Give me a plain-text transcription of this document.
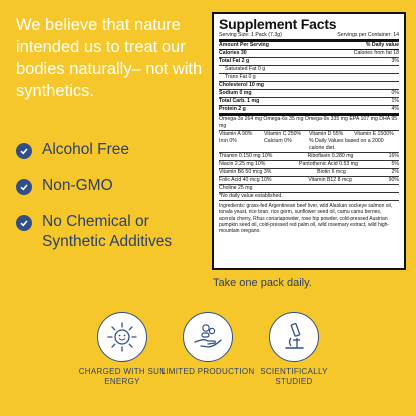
We believe that nature intended us to treat our bodies naturally– not with synthetics.
Alcohol Free
Non-GMO
No Chemical or Synthetic Additives
Supplement Facts
Serving Size: 1 Pack (7.3g)	Servings per Container: 14
Amount Per Serving	% Daily value
Calories 30	Calories from fat 18
Total Fat 2 g	3%
Saturated Fat 0 g
Trans Fat 0 g
Cholesterol 10 mg
Sodium 0 mg	0%
Total Carb. 1 mg	1%
Protein 2 g	4%
Omega-3s 264 mg Omega-6s 35 mg Omega-9s 335 mg EPA 107 mg DHA 95 mg
Vitamin A 90%	Vitamin C 250%	Vitamin D 55%	Vitamin E 1500%
Iron 0%	Calcium 0%	% Daily Values based on a 2000 calorie diet.
Thiamin 0.150 mg 10%	Riboflavin 0.280 mg	16%
Niacin 2.25 mg 10%	Pantothenic Acid 0.53 mg	5%
Vitamin B6 50 mcg 3%	Biotin 6 mcg	2%
Folic Acid 40 mcg 10%	Vitamin B12 8 mcg	90%
Choline 25 mg
*No daily value established.
Ingredients: grass-fed Argentinean beef liver, wild Alaskan sockeye salmon oil, tonala yeast, rice bran, rice germ, sunflower seed oil, camu camu berries, acerola cherry, Rhus coriariapowder, rose hip powder, cold-pressed Austrian pumpkin seed oil, cold-pressed red palm oil, wild rosemary extract, wild high-mountain oregano.
Take one pack daily.
CHARGED WITH SUN ENERGY
LIMITED PRODUCTION SCIENTIFICALLY STUDIED
